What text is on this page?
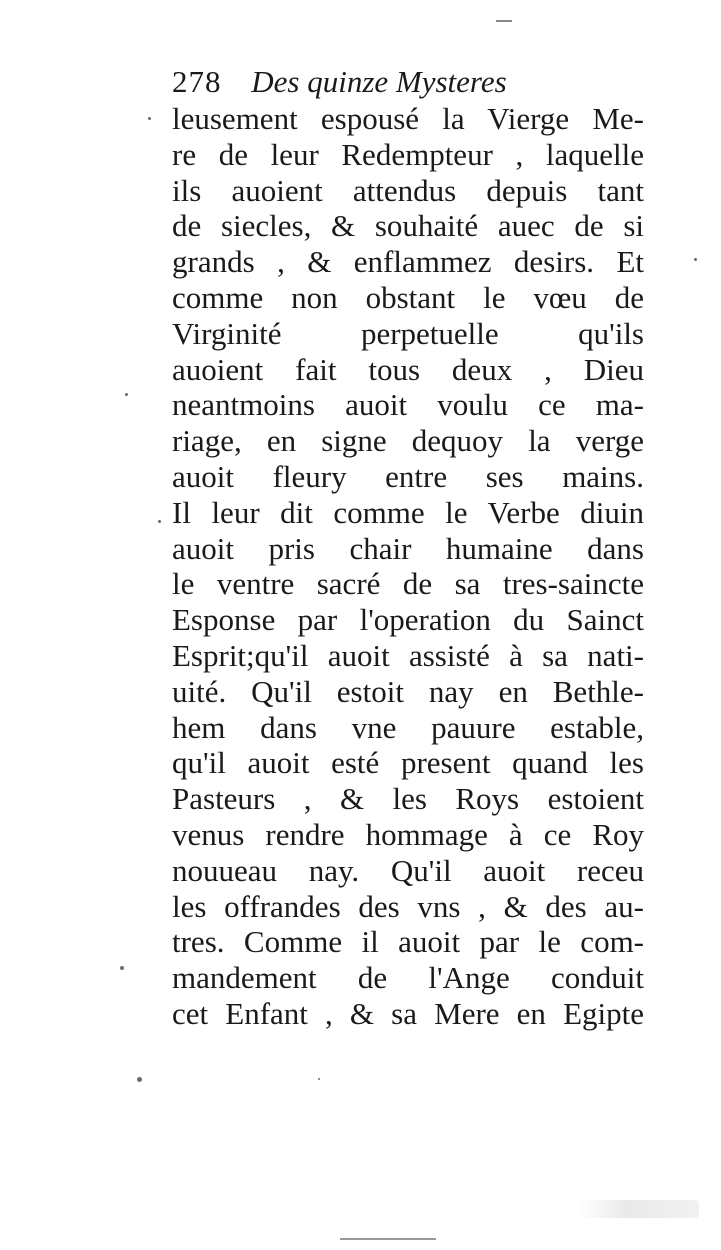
278 Des quinze Mysteres
leusement espousé la Vierge Me-
re de leur Redempteur , laquelle
ils auoient attendus depuis tant
de siecles, & souhaité auec de si
grands , & enflammez desirs. Et
comme non obstant le vœu de
Virginité perpetuelle qu'ils
auoient fait tous deux , Dieu
neantmoins auoit voulu ce ma-
riage, en signe dequoy la verge
auoit fleury entre ses mains.
Il leur dit comme le Verbe diuin
auoit pris chair humaine dans
le ventre sacré de sa tres-saincte
Esponse par l'operation du Sainct
Esprit;qu'il auoit assisté à sa nati-
uité. Qu'il estoit nay en Bethle-
hem dans vne pauure estable,
qu'il auoit esté present quand les
Pasteurs , & les Roys estoient
venus rendre hommage à ce Roy
nouueau nay. Qu'il auoit receu
les offrandes des vns , & des au-
tres. Comme il auoit par le com-
mandement de l'Ange conduit
cet Enfant , & sa Mere en Egipte
